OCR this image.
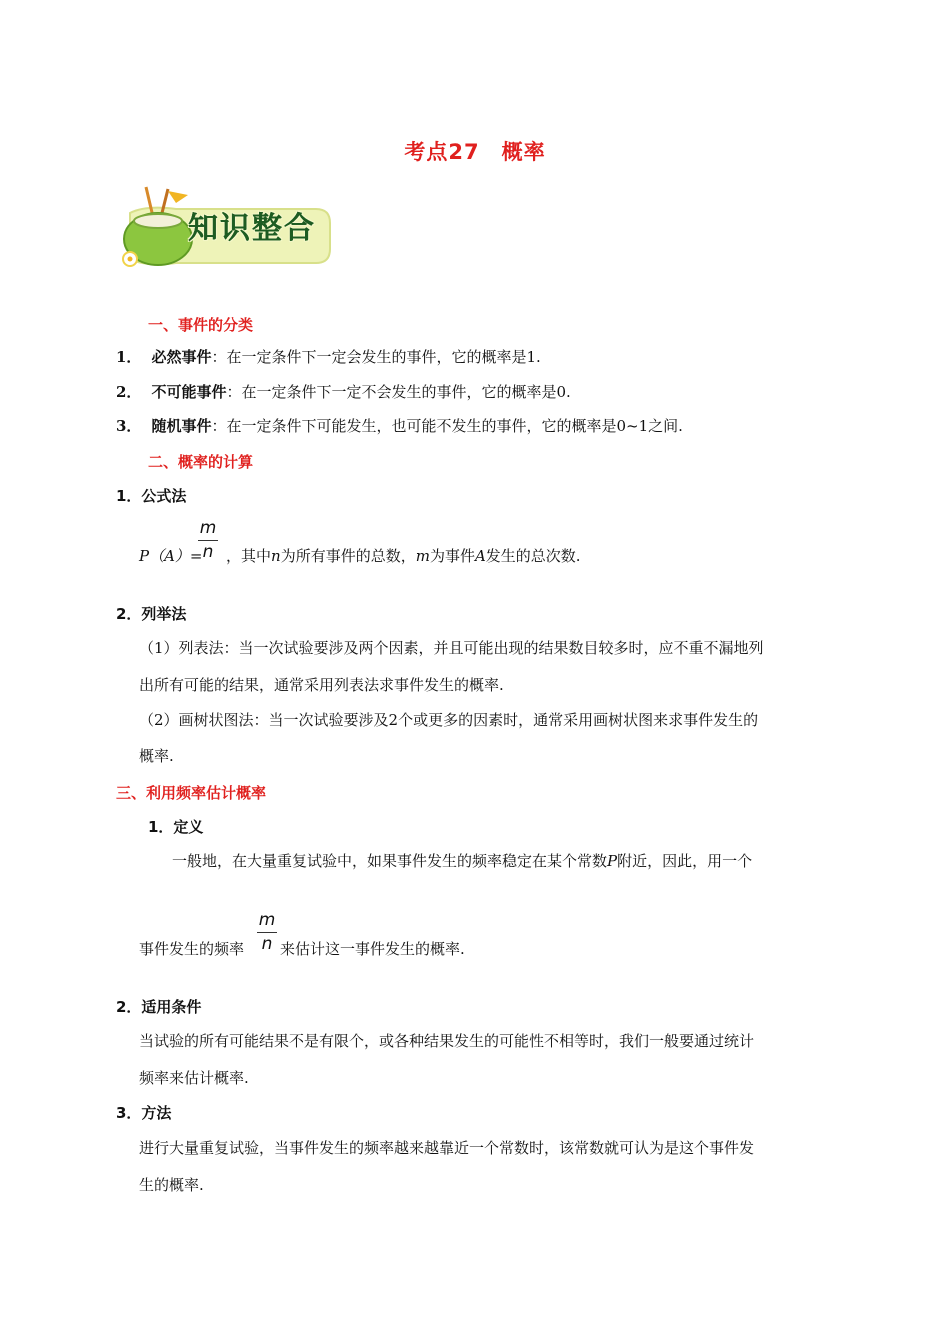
考点27　概率
知识整合
一、事件的分类
1． 必然事件：在一定条件下一定会发生的事件，它的概率是1.
2． 不可能事件：在一定条件下一定不会发生的事件，它的概率是0.
3． 随机事件：在一定条件下可能发生，也可能不发生的事件，它的概率是0~1之间.
二、概率的计算
1．公式法
m
n
P（A）= ，其中n为所有事件的总数，m为事件A发生的总次数.
2．列举法
（1）列表法：当一次试验要涉及两个因素，并且可能出现的结果数目较多时，应不重不漏地列
出所有可能的结果，通常采用列表法求事件发生的概率.
（2）画树状图法：当一次试验要涉及2个或更多的因素时，通常采用画树状图来求事件发生的
概率.
三、利用频率估计概率
1．定义
一般地，在大量重复试验中，如果事件发生的频率稳定在某个常数P附近，因此，用一个
m
n
事件发生的频率 来估计这一事件发生的概率.
2．适用条件
当试验的所有可能结果不是有限个，或各种结果发生的可能性不相等时，我们一般要通过统计
频率来估计概率.
3．方法
进行大量重复试验，当事件发生的频率越来越靠近一个常数时，该常数就可认为是这个事件发
生的概率.
